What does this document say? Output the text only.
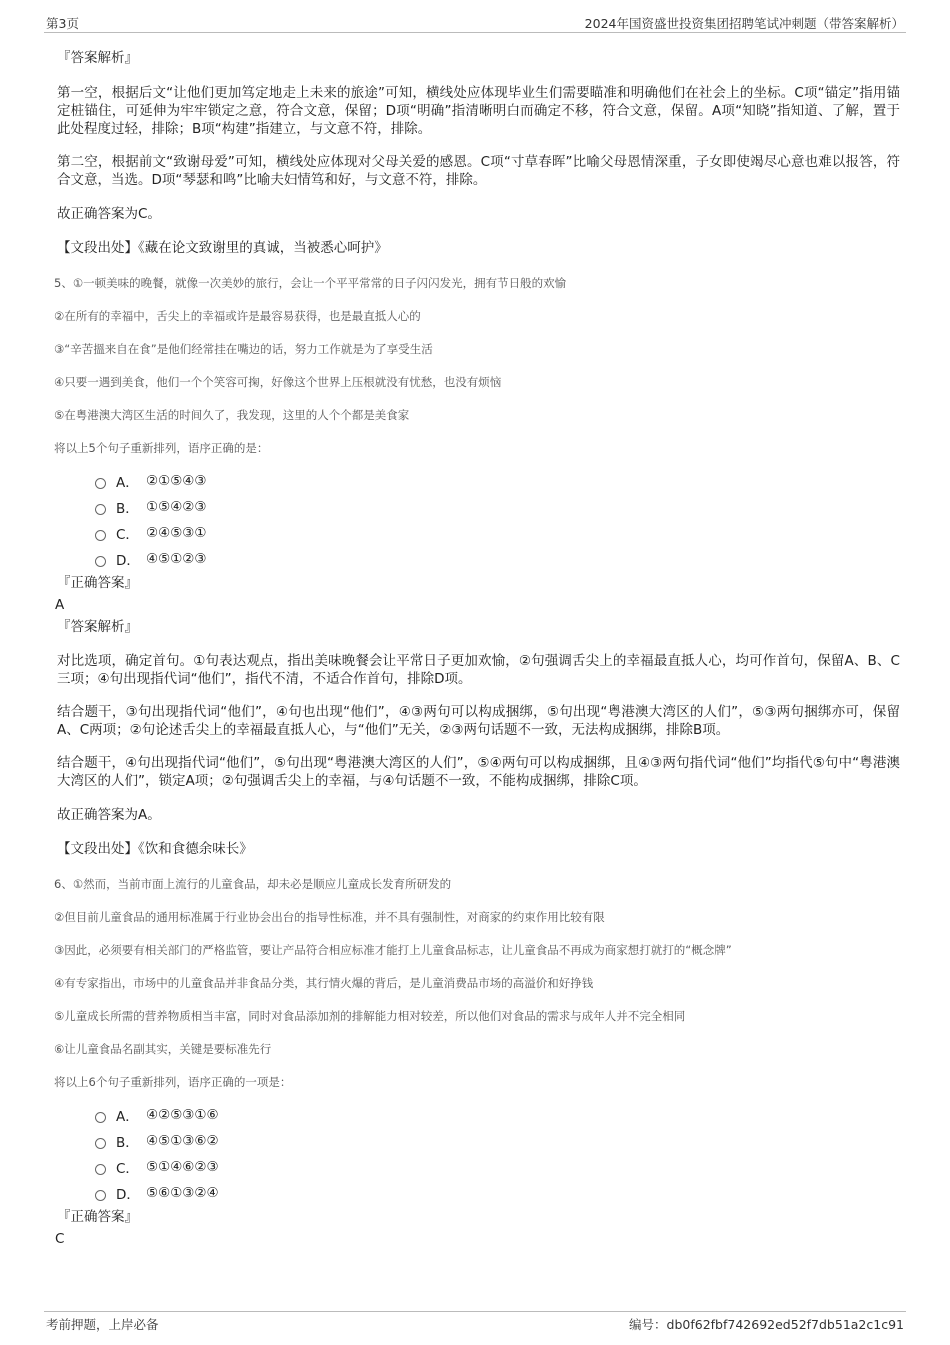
第3页	2024年国资盛世投资集团招聘笔试冲刺题（带答案解析）
『答案解析』
第一空，根据后文“让他们更加笃定地走上未来的旅途”可知，横线处应体现毕业生们需要瞄准和明确他们在社会上的坐标。C项“锚定”指用锚定桩锚住，可延伸为牢牢锁定之意，符合文意，保留；D项“明确”指清晰明白而确定不移，符合文意，保留。A项“知晓”指知道、了解，置于此处程度过轻，排除；B项“构建”指建立，与文意不符，排除。
第二空，根据前文“致谢母爱”可知，横线处应体现对父母关爱的感恩。C项“寸草春晖”比喻父母恩情深重，子女即使竭尽心意也难以报答，符合文意，当选。D项“琴瑟和鸣”比喻夫妇情笃和好，与文意不符，排除。
故正确答案为C。
【文段出处】《藏在论文致谢里的真诚，当被悉心呵护》
5、①一顿美味的晚餐，就像一次美妙的旅行，会让一个平平常常的日子闪闪发光，拥有节日般的欢愉
②在所有的幸福中，舌尖上的幸福或许是最容易获得，也是最直抵人心的
③“辛苦搵来自在食”是他们经常挂在嘴边的话，努力工作就是为了享受生活
④只要一遇到美食，他们一个个笑容可掬，好像这个世界上压根就没有忧愁，也没有烦恼
⑤在粤港澳大湾区生活的时间久了，我发现，这里的人个个都是美食家
将以上5个句子重新排列，语序正确的是：
A． ②①⑤④③
B． ①⑤④②③
C． ②④⑤③①
D． ④⑤①②③
『正确答案』
A
『答案解析』
对比选项，确定首句。①句表达观点，指出美味晚餐会让平常日子更加欢愉，②句强调舌尖上的幸福最直抵人心，均可作首句，保留A、B、C三项；④句出现指代词“他们”，指代不清，不适合作首句，排除D项。
结合题干，③句出现指代词“他们”，④句也出现“他们”，④③两句可以构成捆绑，⑤句出现“粤港澳大湾区的人们”，⑤③两句捆绑亦可，保留A、C两项；②句论述舌尖上的幸福最直抵人心，与“他们”无关，②③两句话题不一致，无法构成捆绑，排除B项。
结合题干，④句出现指代词“他们”，⑤句出现“粤港澳大湾区的人们”，⑤④两句可以构成捆绑，且④③两句指代词“他们”均指代⑤句中“粤港澳大湾区的人们”，锁定A项；②句强调舌尖上的幸福，与④句话题不一致，不能构成捆绑，排除C项。
故正确答案为A。
【文段出处】《饮和食德余味长》
6、①然而，当前市面上流行的儿童食品，却未必是顺应儿童成长发育所研发的
②但目前儿童食品的通用标准属于行业协会出台的指导性标准，并不具有强制性，对商家的约束作用比较有限
③因此，必须要有相关部门的严格监管，要让产品符合相应标准才能打上儿童食品标志，让儿童食品不再成为商家想打就打的“概念牌”
④有专家指出，市场中的儿童食品并非食品分类，其行情火爆的背后，是儿童消费品市场的高溢价和好挣钱
⑤儿童成长所需的营养物质相当丰富，同时对食品添加剂的排解能力相对较差，所以他们对食品的需求与成年人并不完全相同
⑥让儿童食品名副其实，关键是要标准先行
将以上6个句子重新排列，语序正确的一项是：
A． ④②⑤③①⑥
B． ④⑤①③⑥②
C． ⑤①④⑥②③
D． ⑤⑥①③②④
『正确答案』
C
考前押题，上岸必备	编号：db0f62fbf742692ed52f7db51a2c1c91
